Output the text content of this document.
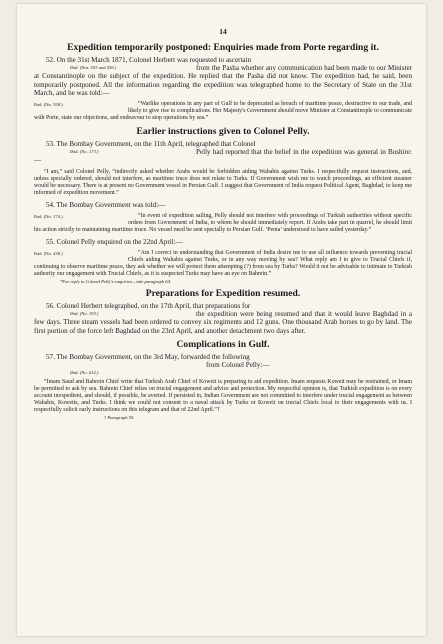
14
Expedition temporarily postponed: Enquiries made from Porte regarding it.

52. On the 31st March 1871, Colonel Herbert was requested to ascertain

Ibid. (Nos. 553 and 556.)	from the Pasha whether any communication had been made to our Minister at Constantinople on the subject of the expedition. He replied that the Pasha did not know. The expedition had, he said, been temporarily postponed. All the information regarding the expedition was telegraphed home to the Secretary of State on the 31st March, and he was told:—

Ibid. (No. 558.)	“Warlike operations in any part of Gulf to be deprecated as breach of maritime peace, destructive to our trade, and likely to give rise to complications. Her Majesty's Government should move Minister at Constantinople to communicate with Porte, state our objections, and endeavour to stop operations by sea.”

Earlier instructions given to Colonel Pelly.

53. The Bombay Government, on the 11th April, telegraphed that Colonel

Ibid. (No. 173.)	Pelly had reported that the belief in the expedition was general in Bushire:—

“I am,” said Colonel Pelly, “indirectly asked whether Arabs would be forbidden aiding Wahabis against Turks. I respectfully request instructions, and, unless specially ordered, should not interfere, as maritime truce does not relate to Turks. If Government wish me to watch proceedings, an efficient steamer would be necessary. There is at present no Government vessel in Persian Gulf. I suggest that Government of India request Political Agent, Baghdad, to keep me informed of expedition movement.”

54. The Bombay Government was told:—

Ibid. (No. 174.)	“In event of expedition sailing, Pelly should not interfere with proceedings of Turkish authorities without specific orders from Government of India, to whom he should immediately report. If Arabs take part in quarrel, he should limit his action strictly to maintaining maritime truce. No vessel need be sent specially to Persian Gulf. ‘Penta’ understood to have sailed yesterday.”

55. Colonel Pelly enquired on the 22nd April:—

Ibid. (No. 430.)	“Am I correct in understanding that Government of India desire me to use all influence towards preventing trucial Chiefs aiding Wahabis against Turks, or in any way moving by sea? What reply am I to give to Trucial Chiefs if, continuing to observe maritime peace, they ask whether we will protect them attempting (?) from sea by Turks? Would it not be advisable to intimate to Turkish authority our engagement with Trucial Chiefs, as it is suspected Turks may have an eye on Bahrein.”

*For reply to Colonel Pelly's enquiries—vide paragraph 64.
Preparations for Expedition resumed.

56. Colonel Herbert telegraphed, on the 17th April, that preparations for

Ibid. (No. 193.)	the expedition were being resumed and that it would leave Baghdad in a few days. Three steam vessels had been ordered to convey six regiments and 12 guns. One thousand Arab horses to go by land. The first portion of the force left Baghdad on the 23rd April, and another detachment two days after.

Complications in Gulf.

57. The Bombay Government, on the 3rd May, forwarded the following

from Colonel Pelly:—

Ibid. (No. 612.)

“Imam Saud and Bahrein Chief write that Turkish Arab Chief of Koweit is preparing to aid expedition. Imam requests Koweit may be restrained, or Imam be permitted to ask by sea. Bahrein Chief relies on trucial engagement and advice and protection. My respectful opinion is, that Turkish expedition is on every account inexpedient, and should, if possible, be averted. If persisted in, Indian Government are not committed to interfere under trucial engagement as between Wahabis, Koweits, and Turks. I think we could not consent to a naval attack by Turks or Koweit on trucial Chiefs local to their engagements with us. I respectfully solicit early instructions on this telegram and that of 22nd April.”†

† Paragraph 55.
